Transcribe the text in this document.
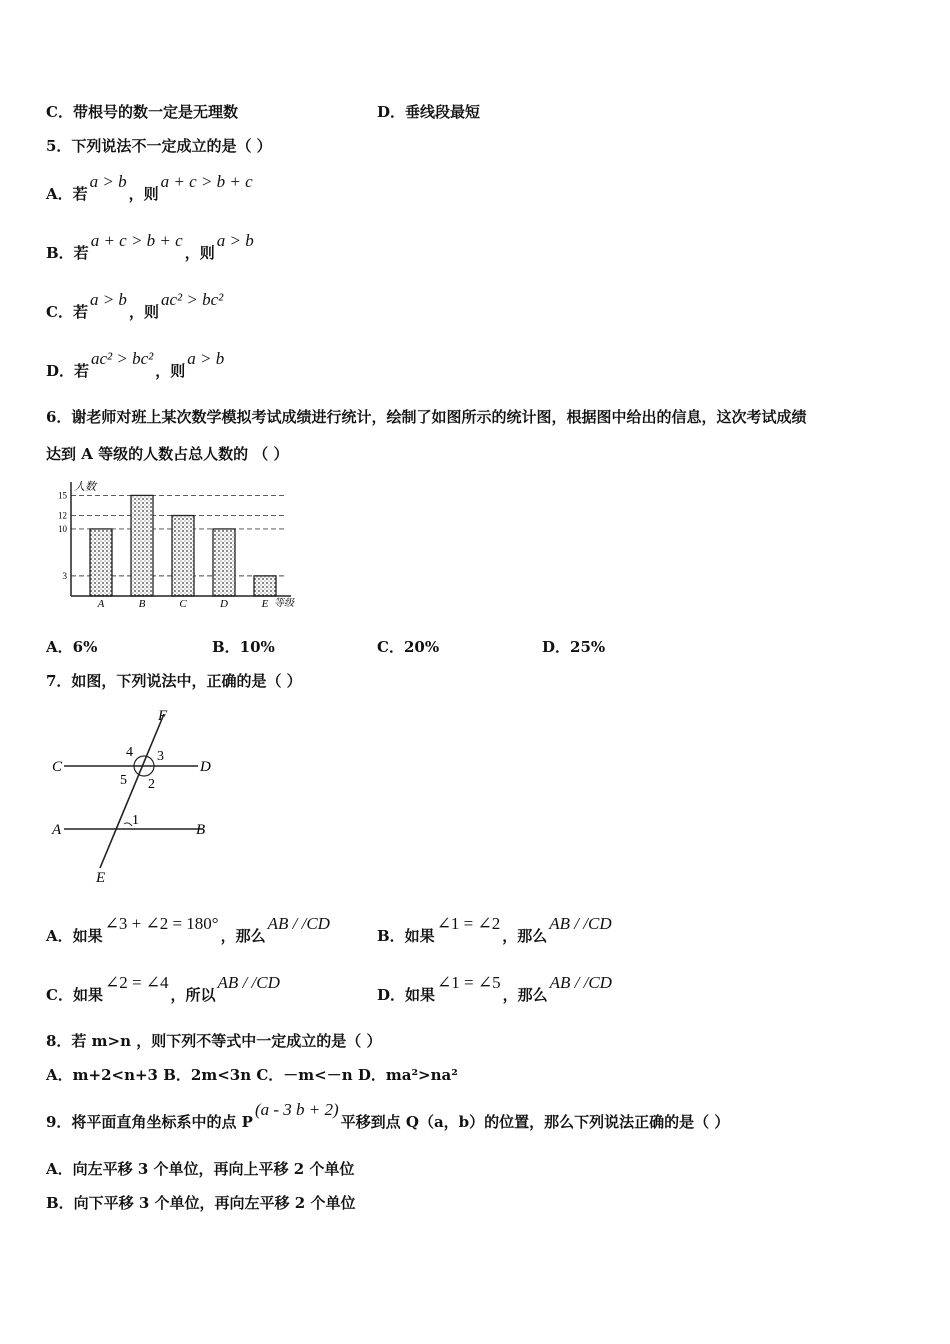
C．带根号的数一定是无理数	D．垂线段最短
5．下列说法不一定成立的是（ ）
A．若a > b，则a + c > b + c
B．若a + c > b + c，则a > b
C．若a > b，则ac² > bc²
D．若ac² > bc²，则a > b
6．谢老师对班上某次数学模拟考试成绩进行统计，绘制了如图所示的统计图，根据图中给出的信息，这次考试成绩
达到 A 等级的人数占总人数的 （ ）
人数
等级
3
10
12
15
A	B	C	D	E
A．6%	B．10%	C．20%	D．25%
7．如图，下列说法中，正确的是（ ）
F
C	D
A	B
E
1
2
3
4
5
A．如果∠3 + ∠2 = 180°，那么AB / /CD
B．如果∠1 = ∠2，那么AB / /CD
C．如果∠2 = ∠4，所以AB / /CD
D．如果∠1 = ∠5，那么AB / /CD
8．若 m>n ，则下列不等式中一定成立的是（ ）
A．m+2<n+3 B．2m<3n C．－m<－n D．ma²>na²
9．将平面直角坐标系中的点 P(a - 3 b + 2)平移到点 Q（a，b）的位置，那么下列说法正确的是（ ）
A．向左平移 3 个单位，再向上平移 2 个单位
B．向下平移 3 个单位，再向左平移 2 个单位
